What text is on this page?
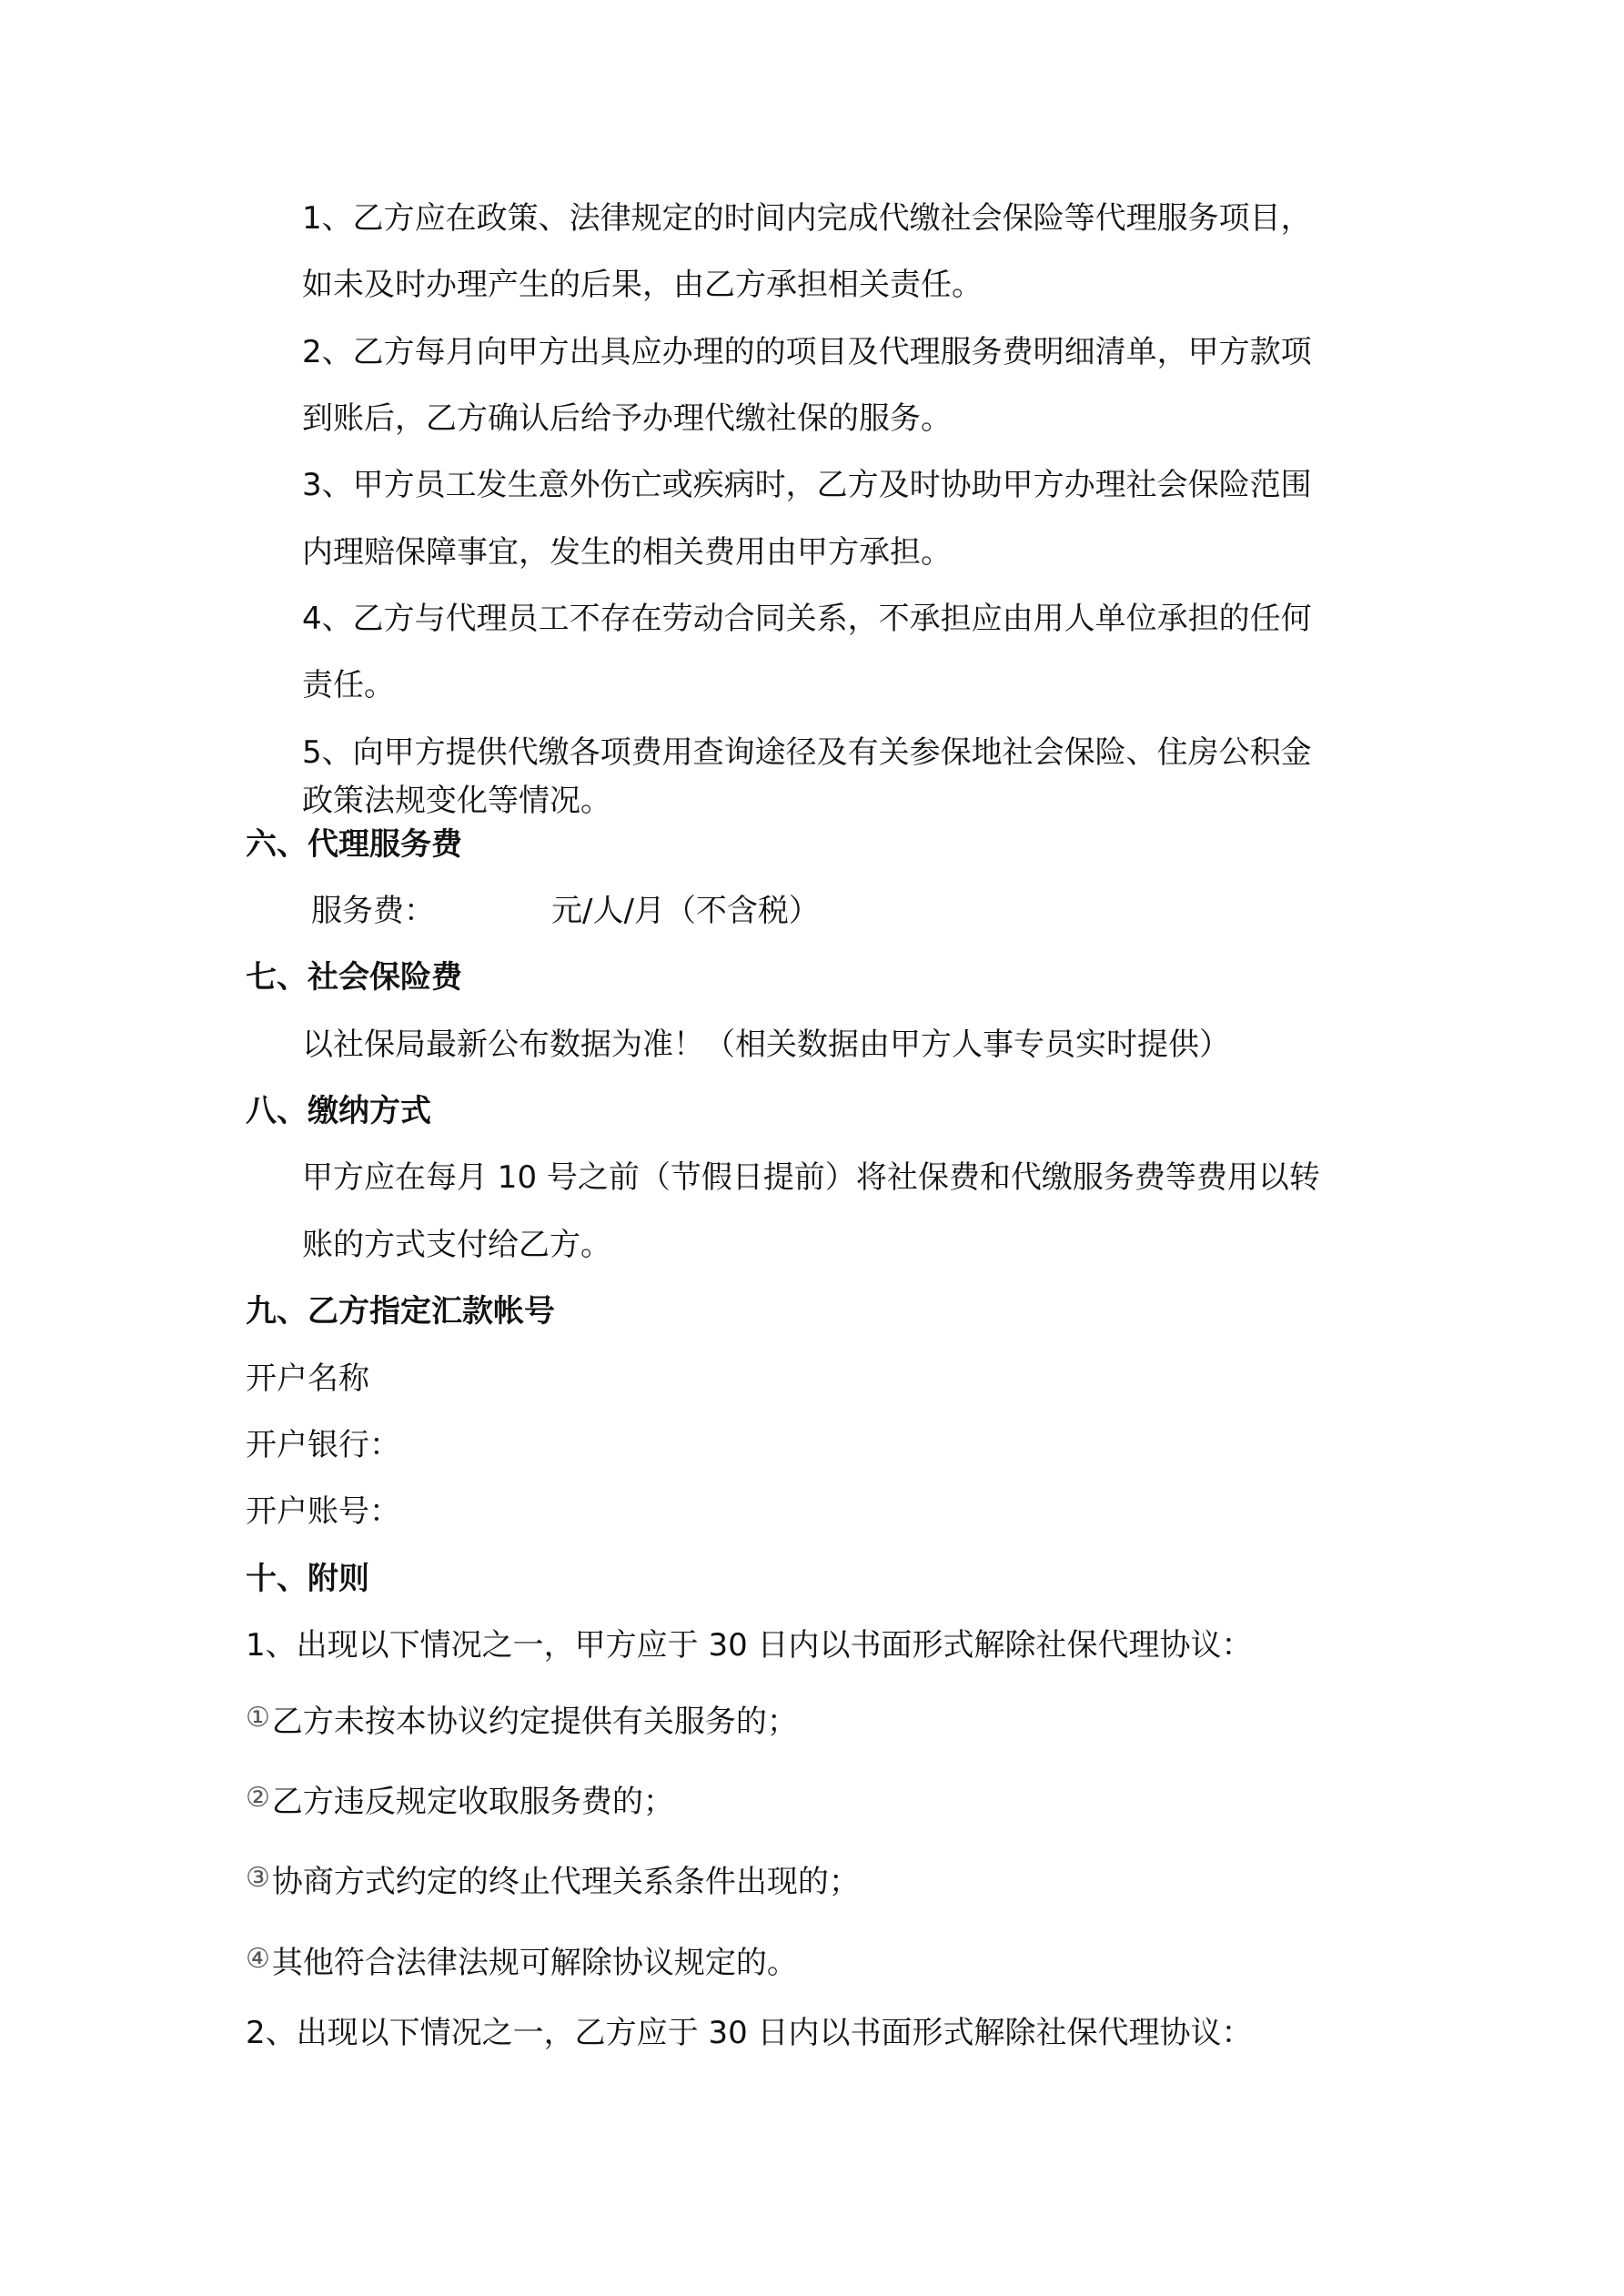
1、乙方应在政策、法律规定的时间内完成代缴社会保险等代理服务项目，
如未及时办理产生的后果，由乙方承担相关责任。
2、乙方每月向甲方出具应办理的的项目及代理服务费明细清单，甲方款项
到账后，乙方确认后给予办理代缴社保的服务。
3、甲方员工发生意外伤亡或疾病时，乙方及时协助甲方办理社会保险范围
内理赔保障事宜，发生的相关费用由甲方承担。
4、乙方与代理员工不存在劳动合同关系，不承担应由用人单位承担的任何
责任。
5、向甲方提供代缴各项费用查询途径及有关参保地社会保险、住房公积金
政策法规变化等情况。
六、代理服务费
服务费：	元/人/月（不含税）
七、社会保险费
以社保局最新公布数据为准！（相关数据由甲方人事专员实时提供）
八、缴纳方式
甲方应在每月 10 号之前（节假日提前）将社保费和代缴服务费等费用以转
账的方式支付给乙方。
九、乙方指定汇款帐号
开户名称
开户银行：
开户账号：
十、附则
1、出现以下情况之一，甲方应于 30 日内以书面形式解除社保代理协议：
①乙方未按本协议约定提供有关服务的；
②乙方违反规定收取服务费的；
③协商方式约定的终止代理关系条件出现的；
④其他符合法律法规可解除协议规定的。
2、出现以下情况之一，乙方应于 30 日内以书面形式解除社保代理协议：
